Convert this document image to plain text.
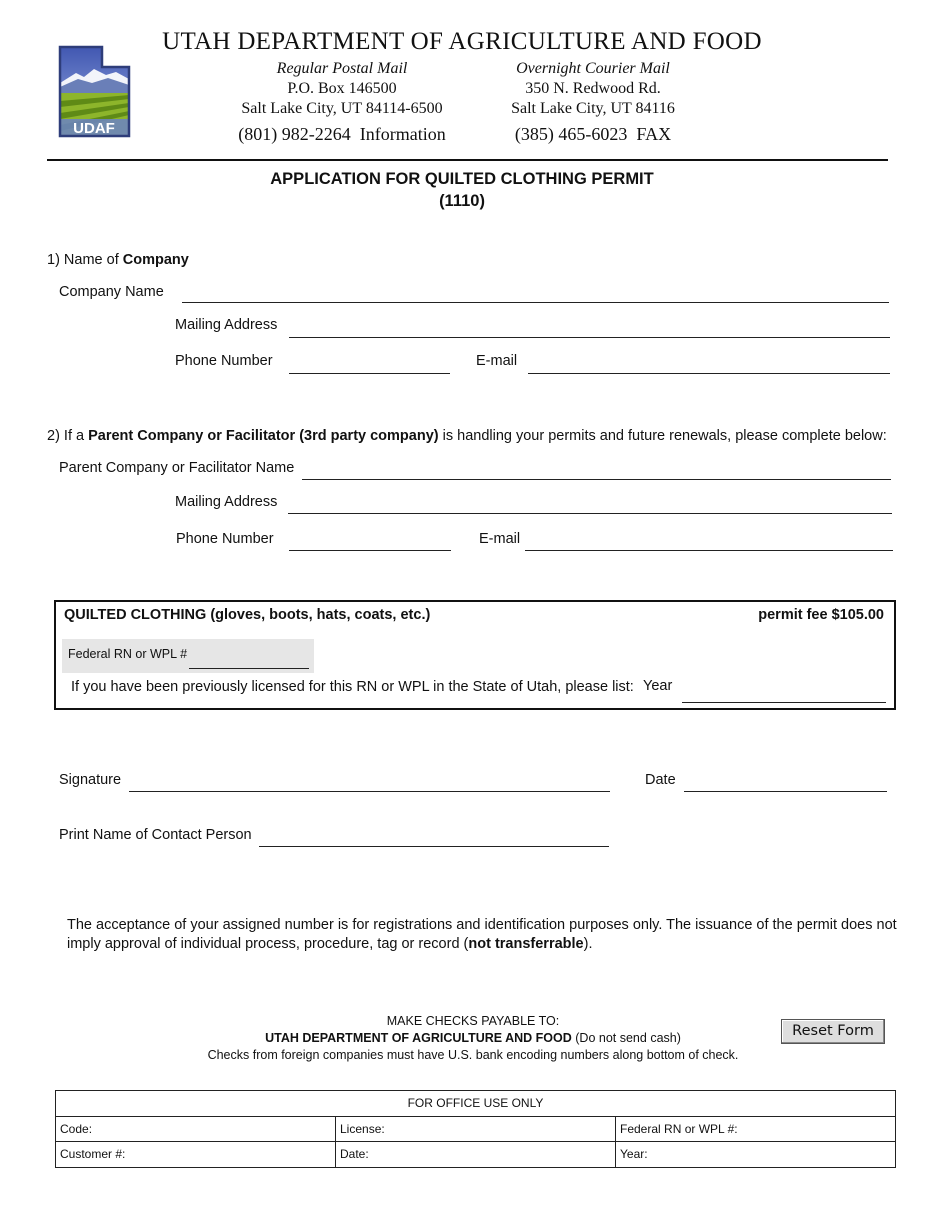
UDAF
UTAH DEPARTMENT OF AGRICULTURE AND FOOD
Regular Postal Mail
P.O. Box 146500
Salt Lake City, UT 84114-6500
(801) 982-2264 Information
Overnight Courier Mail
350 N. Redwood Rd.
Salt Lake City, UT 84116
(385) 465-6023 FAX
APPLICATION FOR QUILTED CLOTHING PERMIT
(1110)
1) Name of Company
Company Name
Mailing Address
Phone Number	E-mail
2) If a Parent Company or Facilitator (3rd party company) is handling your permits and future renewals, please complete below:
Parent Company or Facilitator Name
Mailing Address
Phone Number	E-mail
QUILTED CLOTHING (gloves, boots, hats, coats, etc.)	permit fee $105.00
Federal RN or WPL #
If you have been previously licensed for this RN or WPL in the State of Utah, please list: Year
Signature	Date
Print Name of Contact Person
The acceptance of your assigned number is for registrations and identification purposes only. The issuance of the permit does not imply approval of individual process, procedure, tag or record (not transferrable).
MAKE CHECKS PAYABLE TO:
UTAH DEPARTMENT OF AGRICULTURE AND FOOD (Do not send cash)
Checks from foreign companies must have U.S. bank encoding numbers along bottom of check.
Reset Form
FOR OFFICE USE ONLY		
Code:	License:	Federal RN or WPL #:
Customer #:	Date:	Year:
